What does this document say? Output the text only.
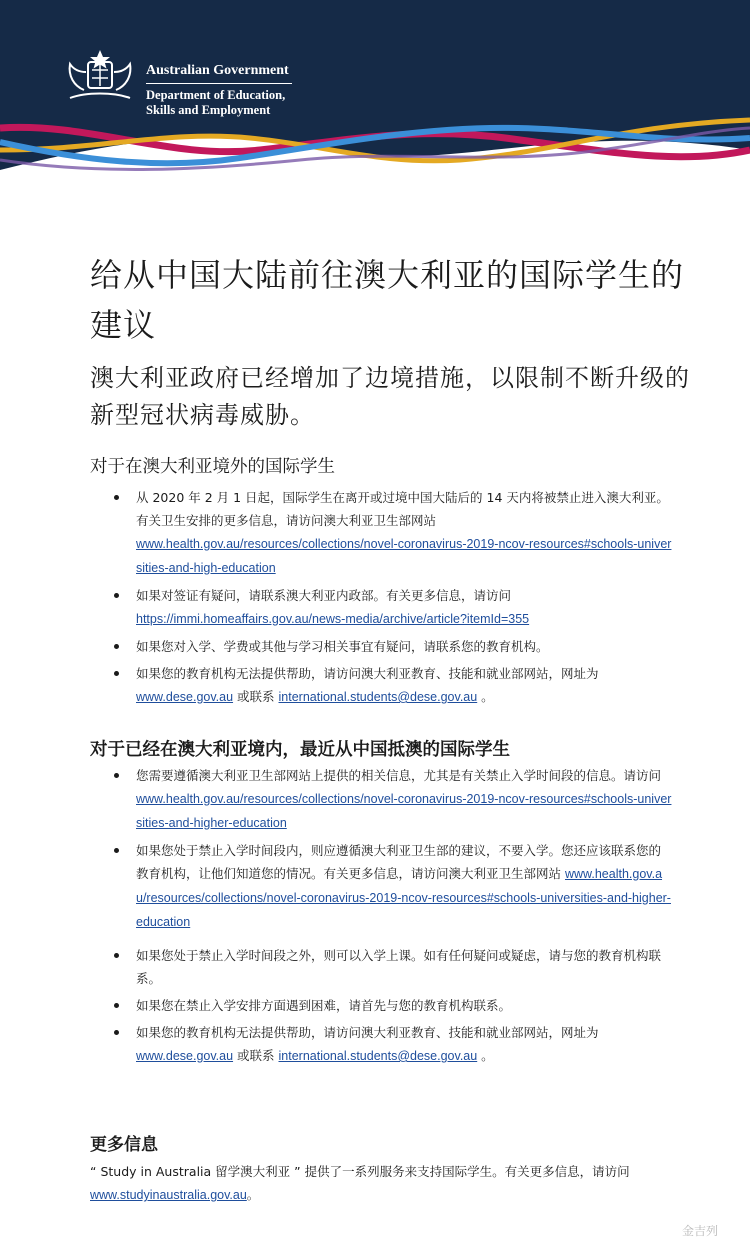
Australian Government
Department of Education,
Skills and Employment
给从中国大陆前往澳大利亚的国际学生的建议
澳大利亚政府已经增加了边境措施，以限制不断升级的新型冠状病毒威胁。
对于在澳大利亚境外的国际学生
从 2020 年 2 月 1 日起，国际学生在离开或过境中国大陆后的 14 天内将被禁止进入澳大利亚。有关卫生安排的更多信息，请访问澳大利亚卫生部网站
www.health.gov.au/resources/collections/novel-coronavirus-2019-ncov-resources#schools-universities-and-high-education
如果对签证有疑问，请联系澳大利亚内政部。有关更多信息，请访问
https://immi.homeaffairs.gov.au/news-media/archive/article?itemId=355
如果您对入学、学费或其他与学习相关事宜有疑问，请联系您的教育机构。
如果您的教育机构无法提供帮助，请访问澳大利亚教育、技能和就业部网站，网址为
www.dese.gov.au 或联系 international.students@dese.gov.au 。
对于已经在澳大利亚境内，最近从中国抵澳的国际学生
您需要遵循澳大利亚卫生部网站上提供的相关信息，尤其是有关禁止入学时间段的信息。请访问 www.health.gov.au/resources/collections/novel-coronavirus-2019-ncov-resources#schools-universities-and-higher-education
如果您处于禁止入学时间段内，则应遵循澳大利亚卫生部的建议，不要入学。您还应该联系您的教育机构，让他们知道您的情况。有关更多信息，请访问澳大利亚卫生部网站 www.health.gov.au/resources/collections/novel-coronavirus-2019-ncov-resources#schools-universities-and-higher-education
如果您处于禁止入学时间段之外，则可以入学上课。如有任何疑问或疑虑，请与您的教育机构联系。
如果您在禁止入学安排方面遇到困难，请首先与您的教育机构联系。
如果您的教育机构无法提供帮助，请访问澳大利亚教育、技能和就业部网站，网址为
www.dese.gov.au 或联系 international.students@dese.gov.au 。
更多信息
“ Study in Australia 留学澳大利亚 ” 提供了一系列服务来支持国际学生。有关更多信息，请访问 www.studyinaustralia.gov.au。
金吉列
